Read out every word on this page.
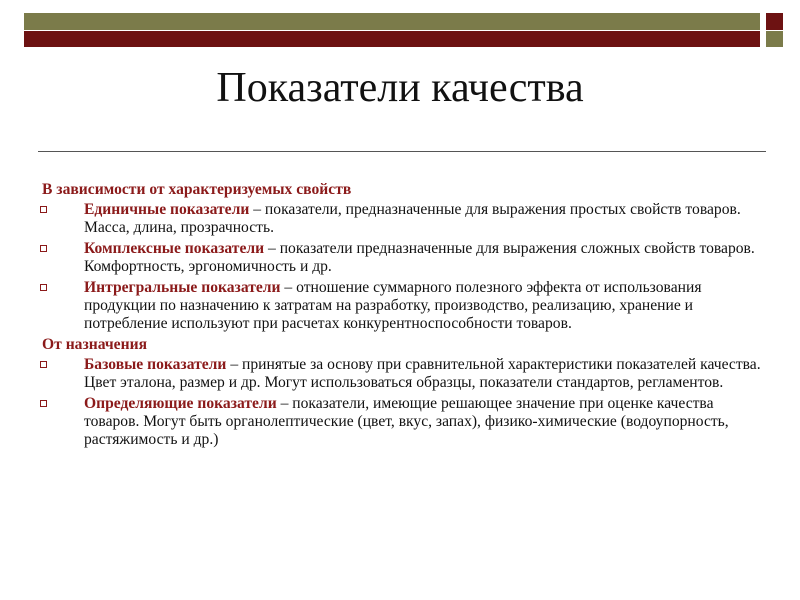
Показатели качества
В зависимости от характеризуемых свойств
Единичные показатели – показатели, предназначенные для выражения простых свойств товаров. Масса, длина, прозрачность.
Комплексные показатели – показатели предназначенные для выражения сложных свойств товаров. Комфортность, эргономичность и др.
Интрегральные показатели – отношение суммарного полезного эффекта от использования продукции по назначению к затратам на разработку, производство, реализацию, хранение и потребление используют при расчетах конкурентноспособности товаров.
От назначения
Базовые показатели – принятые за основу при сравнительной характеристики показателей качества. Цвет эталона, размер и др. Могут использоваться образцы, показатели стандартов, регламентов.
Определяющие показатели – показатели, имеющие решающее значение при оценке качества товаров. Могут быть органолептические (цвет, вкус, запах), физико-химические (водоупорность, растяжимость и др.)
